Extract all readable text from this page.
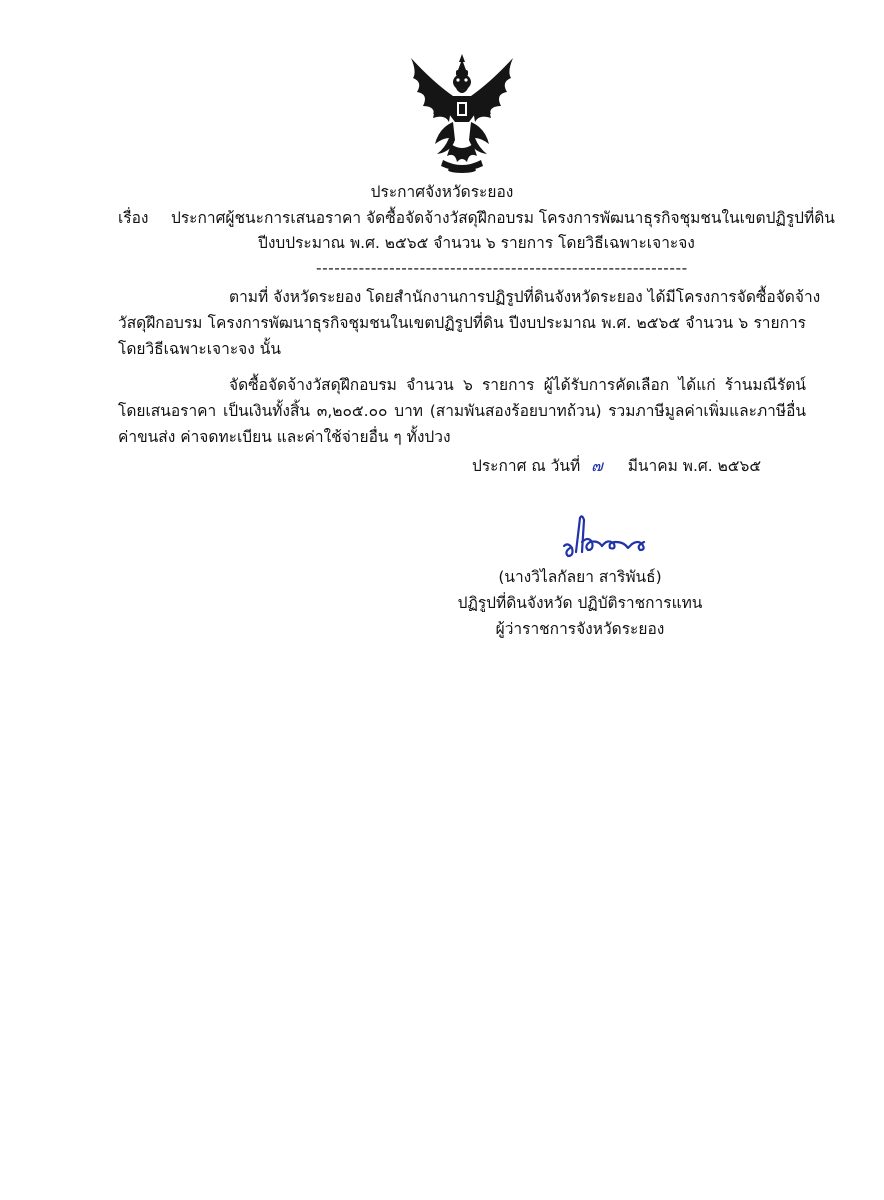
ประกาศจังหวัดระยอง
เรื่อง ประกาศผู้ชนะการเสนอราคา จัดซื้อจัดจ้างวัสดุฝึกอบรม โครงการพัฒนาธุรกิจชุมชนในเขตปฏิรูปที่ดิน
ปีงบประมาณ พ.ศ. ๒๕๖๕ จำนวน ๖ รายการ โดยวิธีเฉพาะเจาะจง
-------------------------------------------------------------
ตามที่ จังหวัดระยอง โดยสำนักงานการปฏิรูปที่ดินจังหวัดระยอง ได้มีโครงการจัดซื้อจัดจ้าง
วัสดุฝึกอบรม โครงการพัฒนาธุรกิจชุมชนในเขตปฏิรูปที่ดิน ปีงบประมาณ พ.ศ. ๒๕๖๕ จำนวน ๖ รายการ
โดยวิธีเฉพาะเจาะจง นั้น
จัดซื้อจัดจ้างวัสดุฝึกอบรม จำนวน ๖ รายการ ผู้ได้รับการคัดเลือก ได้แก่ ร้านมณีรัตน์
โดยเสนอราคา เป็นเงินทั้งสิ้น ๓,๒๐๕.๐๐ บาท (สามพันสองร้อยบาทถ้วน) รวมภาษีมูลค่าเพิ่มและภาษีอื่น
ค่าขนส่ง ค่าจดทะเบียน และค่าใช้จ่ายอื่น ๆ ทั้งปวง
ประกาศ ณ วันที่ ๗ มีนาคม พ.ศ. ๒๕๖๕
(นางวิไลกัลยา สาริพันธ์)
ปฏิรูปที่ดินจังหวัด ปฏิบัติราชการแทน
ผู้ว่าราชการจังหวัดระยอง
